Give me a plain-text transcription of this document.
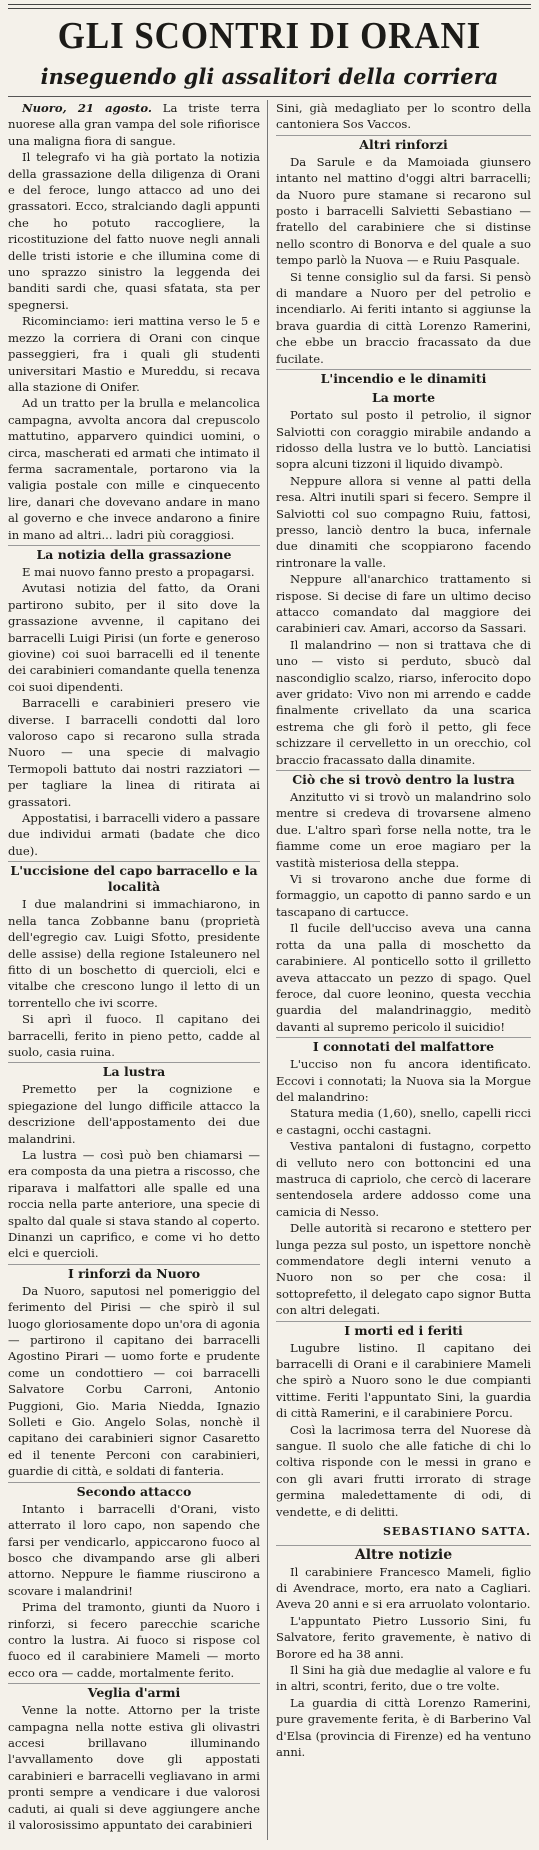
GLI SCONTRI DI ORANI
inseguendo gli assalitori della corriera

Nuoro, 21 agosto. La triste terra nuorese alla gran vampa del sole rifiorisce una maligna fiora di sangue.

Il telegrafo vi ha già portato la notizia della grassazione della diligenza di Orani e del feroce, lungo attacco ad uno dei grassatori. Ecco, stralciando dagli appunti che ho potuto raccogliere, la ricostituzione del fatto nuove negli annali delle tristi istorie e che illumina come di uno sprazzo sinistro la leggenda dei banditi sardi che, quasi sfatata, sta per spegnersi.

Ricominciamo: ieri mattina verso le 5 e mezzo la corriera di Orani con cinque passeggieri, fra i quali gli studenti universitari Mastio e Mureddu, si recava alla stazione di Onifer.

Ad un tratto per la brulla e melancolica campagna, avvolta ancora dal crepuscolo mattutino, apparvero quindici uomini, o circa, mascherati ed armati che intimato il ferma sacramentale, portarono via la valigia postale con mille e cinquecento lire, danari che dovevano andare in mano al governo e che invece andarono a finire in mano ad altri... ladri più coraggiosi.

La notizia della grassazione

E mai nuovo fanno presto a propagarsi.

Avutasi notizia del fatto, da Orani partirono subito, per il sito dove la grassazione avvenne, il capitano dei barracelli Luigi Pirisi (un forte e generoso giovine) coi suoi barracelli ed il tenente dei carabinieri comandante quella tenenza coi suoi dipendenti.

Barracelli e carabinieri presero vie diverse. I barracelli condotti dal loro valoroso capo si recarono sulla strada Nuoro — una specie di malvagio Termopoli battuto dai nostri razziatori — per tagliare la linea di ritirata ai grassatori.

Appostatisi, i barracelli videro a passare due individui armati (badate che dico due).

L'uccisione del capo barracello e la località

I due malandrini si immachiarono, in nella tanca Zobbanne banu (proprietà dell'egregio cav. Luigi Sfotto, presidente delle assise) della regione Istaleunero nel fitto di un boschetto di quercioli, elci e vitalbe che crescono lungo il letto di un torrentello che ivi scorre.

Si aprì il fuoco. Il capitano dei barracelli, ferito in pieno petto, cadde al suolo, casia ruina.

La lustra

Premetto per la cognizione e spiegazione del lungo difficile attacco la descrizione dell'appostamento dei due malandrini.

La lustra — così può ben chiamarsi — era composta da una pietra a riscosso, che riparava i malfattori alle spalle ed una roccia nella parte anteriore, una specie di spalto dal quale si stava stando al coperto. Dinanzi un caprifico, e come vi ho detto elci e quercioli.

I rinforzi da Nuoro

Da Nuoro, saputosi nel pomeriggio del ferimento del Pirisi — che spirò il sul luogo gloriosamente dopo un'ora di agonia — partirono il capitano dei barracelli Agostino Pirari — uomo forte e prudente come un condottiero — coi barracelli Salvatore Corbu Carroni, Antonio Puggioni, Gio. Maria Niedda, Ignazio Solleti e Gio. Angelo Solas, nonchè il capitano dei carabinieri signor Casaretto ed il tenente Perconi con carabinieri, guardie di città, e soldati di fanteria.

Secondo attacco

Intanto i barracelli d'Orani, visto atterrato il loro capo, non sapendo che farsi per vendicarlo, appiccarono fuoco al bosco che divampando arse gli alberi attorno. Neppure le fiamme riuscirono a scovare i malandrini!

Prima del tramonto, giunti da Nuoro i rinforzi, si fecero parecchie scariche contro la lustra. Ai fuoco si rispose col fuoco ed il carabiniere Mameli — morto ecco ora — cadde, mortalmente ferito.

Veglia d'armi

Venne la notte. Attorno per la triste campagna nella notte estiva gli olivastri accesi brillavano illuminando l'avvallamento dove gli appostati carabinieri e barracelli vegliavano in armi pronti sempre a vendicare i due valorosi caduti, ai quali si deve aggiungere anche il valorosissimo appuntato dei carabinieri

Sini, già medagliato per lo scontro della cantoniera Sos Vaccos.

Altri rinforzi

Da Sarule e da Mamoiada giunsero intanto nel mattino d'oggi altri barracelli; da Nuoro pure stamane si recarono sul posto i barracelli Salvietti Sebastiano — fratello del carabiniere che si distinse nello scontro di Bonorva e del quale a suo tempo parlò la Nuova — e Ruiu Pasquale.

Si tenne consiglio sul da farsi. Si pensò di mandare a Nuoro per del petrolio e incendiarlo. Ai feriti intanto si aggiunse la brava guardia di città Lorenzo Ramerini, che ebbe un braccio fracassato da due fucilate.

L'incendio e le dinamiti
La morte

Portato sul posto il petrolio, il signor Salviotti con coraggio mirabile andando a ridosso della lustra ve lo buttò. Lanciatisi sopra alcuni tizzoni il liquido divampò.

Neppure allora si venne al patti della resa. Altri inutili spari si fecero. Sempre il Salviotti col suo compagno Ruiu, fattosi, presso, lanciò dentro la buca, infernale due dinamiti che scoppiarono facendo rintronare la valle.

Neppure all'anarchico trattamento si rispose. Si decise di fare un ultimo deciso attacco comandato dal maggiore dei carabinieri cav. Amari, accorso da Sassari.

Il malandrino — non si trattava che di uno — visto si perduto, sbucò dal nascondiglio scalzo, riarso, inferocito dopo aver gridato: Vivo non mi arrendo e cadde finalmente crivellato da una scarica estrema che gli forò il petto, gli fece schizzare il cervelletto in un orecchio, col braccio fracassato dalla dinamite.

Ciò che si trovò dentro la lustra

Anzitutto vi si trovò un malandrino solo mentre si credeva di trovarsene almeno due. L'altro sparì forse nella notte, tra le fiamme come un eroe magiaro per la vastità misteriosa della steppa.

Vi si trovarono anche due forme di formaggio, un capotto di panno sardo e un tascapano di cartucce.

Il fucile dell'ucciso aveva una canna rotta da una palla di moschetto da carabiniere. Al ponticello sotto il grilletto aveva attaccato un pezzo di spago. Quel feroce, dal cuore leonino, questa vecchia guardia del malandrinaggio, meditò davanti al supremo pericolo il suicidio!

I connotati del malfattore

L'ucciso non fu ancora identificato. Eccovi i connotati; la Nuova sia la Morgue del malandrino:

Statura media (1,60), snello, capelli ricci e castagni, occhi castagni.

Vestiva pantaloni di fustagno, corpetto di velluto nero con bottoncini ed una mastruca di capriolo, che cercò di lacerare sentendosela ardere addosso come una camicia di Nesso.

Delle autorità si recarono e stettero per lunga pezza sul posto, un ispettore nonchè commendatore degli interni venuto a Nuoro non so per che cosa: il sottoprefetto, il delegato capo signor Butta con altri delegati.

I morti ed i feriti

Lugubre listino. Il capitano dei barracelli di Orani e il carabiniere Mameli che spirò a Nuoro sono le due compianti vittime. Feriti l'appuntato Sini, la guardia di città Ramerini, e il carabiniere Porcu.

Così la lacrimosa terra del Nuorese dà sangue. Il suolo che alle fatiche di chi lo coltiva risponde con le messi in grano e con gli avari frutti irrorato di strage germina maledettamente di odi, di vendette, e di delitti.

SEBASTIANO SATTA.
Altre notizie

Il carabiniere Francesco Mameli, figlio di Avendrace, morto, era nato a Cagliari. Aveva 20 anni e si era arruolato volontario.

L'appuntato Pietro Lussorio Sini, fu Salvatore, ferito gravemente, è nativo di Borore ed ha 38 anni.

Il Sini ha già due medaglie al valore e fu in altri, scontri, ferito, due o tre volte.

La guardia di città Lorenzo Ramerini, pure gravemente ferita, è di Barberino Val d'Elsa (provincia di Firenze) ed ha ventuno anni.
